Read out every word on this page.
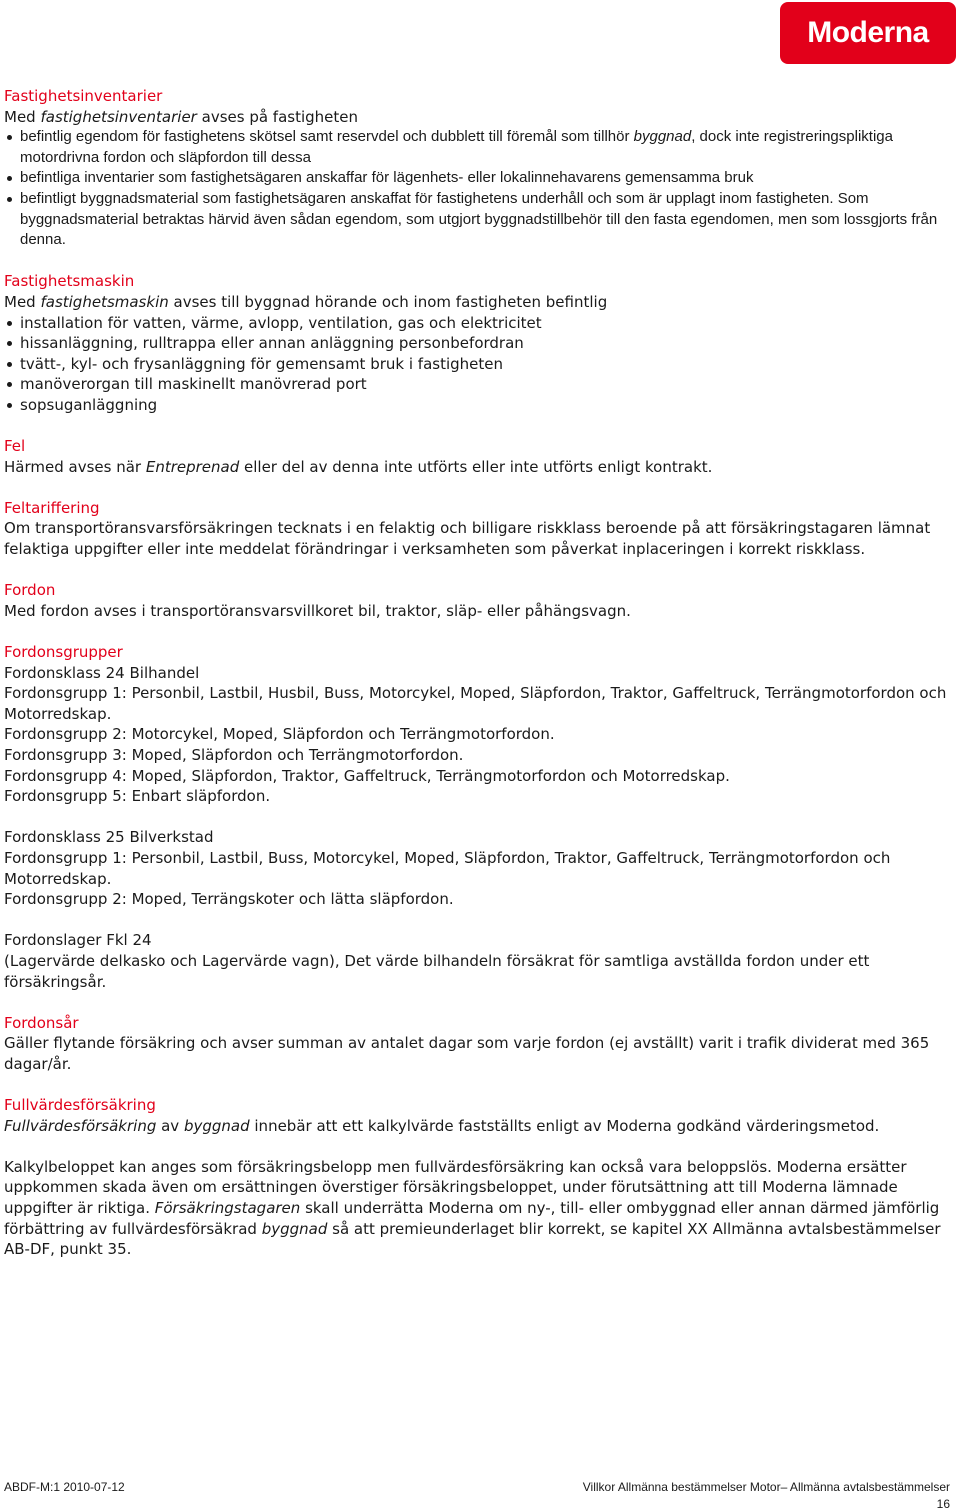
Moderna
Fastighetsinventarier

Med fastighetsinventarier avses på fastigheten

befintlig egendom för fastighetens skötsel samt reservdel och dubblett till föremål som tillhör byggnad, dock inte registreringspliktiga motordrivna fordon och släpfordon till dessa
befintliga inventarier som fastighetsägaren anskaffar för lägenhets- eller lokalinnehavarens gemensamma bruk
befintligt byggnadsmaterial som fastighetsägaren anskaffat för fastighetens underhåll och som är upplagt inom fastigheten. Som byggnadsmaterial betraktas härvid även sådan egendom, som utgjort byggnadstillbehör till den fasta egendomen, men som lossgjorts från denna.
Fastighetsmaskin

Med fastighetsmaskin avses till byggnad hörande och inom fastigheten befintlig

installation för vatten, värme, avlopp, ventilation, gas och elektricitet
hissanläggning, rulltrappa eller annan anläggning personbefordran
tvätt-, kyl- och frysanläggning för gemensamt bruk i fastigheten
manöverorgan till maskinellt manövrerad port
sopsuganläggning
Fel

Härmed avses när Entreprenad eller del av denna inte utförts eller inte utförts enligt kontrakt.

Feltariffering

Om transportöransvarsförsäkringen tecknats i en felaktig och billigare riskklass beroende på att försäkringstagaren lämnat felaktiga uppgifter eller inte meddelat förändringar i verksamheten som påverkat inplaceringen i korrekt riskklass.

Fordon

Med fordon avses i transportöransvarsvillkoret bil, traktor, släp- eller påhängsvagn.

Fordonsgrupper
Fordonsklass 24 Bilhandel
Fordonsgrupp 1: Personbil, Lastbil, Husbil, Buss, Motorcykel, Moped, Släpfordon, Traktor, Gaffeltruck, Terrängmotorfordon och Motorredskap.
Fordonsgrupp 2: Motorcykel, Moped, Släpfordon och Terrängmotorfordon.
Fordonsgrupp 3: Moped, Släpfordon och Terrängmotorfordon.
Fordonsgrupp 4: Moped, Släpfordon, Traktor, Gaffeltruck, Terrängmotorfordon och Motorredskap.
Fordonsgrupp 5: Enbart släpfordon.
Fordonsklass 25 Bilverkstad
Fordonsgrupp 1: Personbil, Lastbil, Buss, Motorcykel, Moped, Släpfordon, Traktor, Gaffeltruck, Terrängmotorfordon och Motorredskap.
Fordonsgrupp 2: Moped, Terrängskoter och lätta släpfordon.
Fordonslager Fkl 24
(Lagervärde delkasko och Lagervärde vagn), Det värde bilhandeln försäkrat för samtliga avställda fordon under ett försäkringsår.
Fordonsår

Gäller flytande försäkring och avser summan av antalet dagar som varje fordon (ej avställt) varit i trafik dividerat med 365 dagar/år.

Fullvärdesförsäkring

Fullvärdesförsäkring av byggnad innebär att ett kalkylvärde fastställts enligt av Moderna godkänd värderingsmetod.

Kalkylbeloppet kan anges som försäkringsbelopp men fullvärdesförsäkring kan också vara beloppslös. Moderna ersätter uppkommen skada även om ersättningen överstiger försäkringsbeloppet, under förutsättning att till Moderna lämnade uppgifter är riktiga. Försäkringstagaren skall underrätta Moderna om ny-, till- eller ombyggnad eller annan därmed jämförlig förbättring av fullvärdesförsäkrad byggnad så att premieunderlaget blir korrekt, se kapitel XX Allmänna avtalsbestämmelser AB-DF, punkt 35.

ABDF-M:1 2010-07-12	Villkor Allmänna bestämmelser Motor– Allmänna avtalsbestämmelser
16
